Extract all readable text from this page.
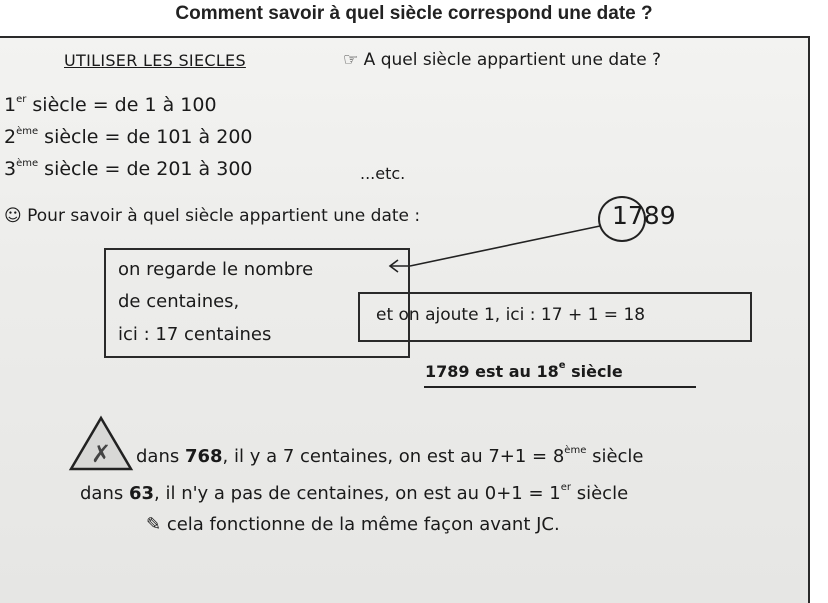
Comment savoir à quel siècle correspond une date ?
UTILISER LES SIECLES	☞ A quel siècle appartient une date ?
1er siècle = de 1 à 100
2ème siècle = de 101 à 200
3ème siècle = de 201 à 300	...etc.
☺ Pour savoir à quel siècle appartient une date :	1789
on regarde le nombre
de centaines,
ici : 17 centaines
et on ajoute 1, ici : 17 + 1 = 18
1789 est au 18e siècle
✗ dans 768, il y a 7 centaines, on est au 7+1 = 8ème siècle
dans 63, il n'y a pas de centaines, on est au 0+1 = 1er siècle
✎ cela fonctionne de la même façon avant JC.
